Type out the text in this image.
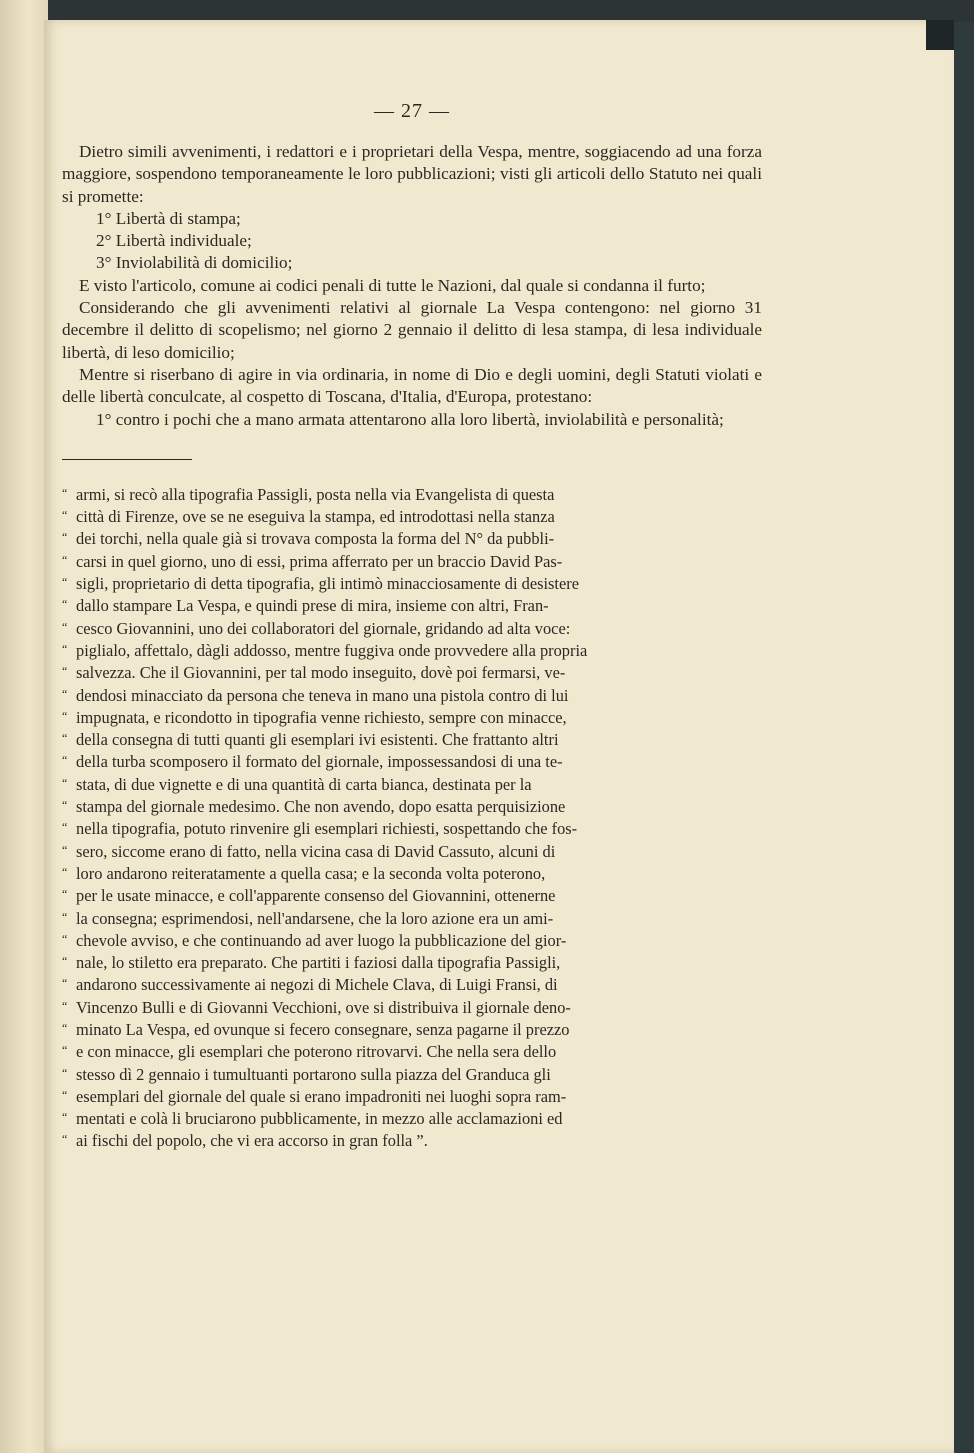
— 27 —

Dietro simili avvenimenti, i redattori e i proprietari della Vespa, mentre, soggiacendo ad una forza maggiore, sospendono temporaneamente le loro pubblicazioni; visti gli articoli dello Statuto nei quali si promette:

1° Libertà di stampa;

2° Libertà individuale;

3° Inviolabilità di domicilio;

E visto l'articolo, comune ai codici penali di tutte le Nazioni, dal quale si condanna il furto;

Considerando che gli avvenimenti relativi al giornale La Vespa contengono: nel giorno 31 decembre il delitto di scopelismo; nel giorno 2 gennaio il delitto di lesa stampa, di lesa individuale libertà, di leso domicilio;

Mentre si riserbano di agire in via ordinaria, in nome di Dio e degli uomini, degli Statuti violati e delle libertà conculcate, al cospetto di Toscana, d'Italia, d'Europa, protestano:

1° contro i pochi che a mano armata attentarono alla loro libertà, inviolabilità e personalità;

“ armi, si recò alla tipografia Passigli, posta nella via Evangelista di questa

“ città di Firenze, ove se ne eseguiva la stampa, ed introdottasi nella stanza

“ dei torchi, nella quale già si trovava composta la forma del N° da pubbli-

“ carsi in quel giorno, uno di essi, prima afferrato per un braccio David Pas-

“ sigli, proprietario di detta tipografia, gli intimò minacciosamente di desistere

“ dallo stampare La Vespa, e quindi prese di mira, insieme con altri, Fran-

“ cesco Giovannini, uno dei collaboratori del giornale, gridando ad alta voce:

“ piglialo, affettalo, dàgli addosso, mentre fuggiva onde provvedere alla propria

“ salvezza. Che il Giovannini, per tal modo inseguito, dovè poi fermarsi, ve-

“ dendosi minacciato da persona che teneva in mano una pistola contro di lui

“ impugnata, e ricondotto in tipografia venne richiesto, sempre con minacce,

“ della consegna di tutti quanti gli esemplari ivi esistenti. Che frattanto altri

“ della turba scomposero il formato del giornale, impossessandosi di una te-

“ stata, di due vignette e di una quantità di carta bianca, destinata per la

“ stampa del giornale medesimo. Che non avendo, dopo esatta perquisizione

“ nella tipografia, potuto rinvenire gli esemplari richiesti, sospettando che fos-

“ sero, siccome erano di fatto, nella vicina casa di David Cassuto, alcuni di

“ loro andarono reiteratamente a quella casa; e la seconda volta poterono,

“ per le usate minacce, e coll'apparente consenso del Giovannini, ottenerne

“ la consegna; esprimendosi, nell'andarsene, che la loro azione era un ami-

“ chevole avviso, e che continuando ad aver luogo la pubblicazione del gior-

“ nale, lo stiletto era preparato. Che partiti i faziosi dalla tipografia Passigli,

“ andarono successivamente ai negozi di Michele Clava, di Luigi Fransi, di

“ Vincenzo Bulli e di Giovanni Vecchioni, ove si distribuiva il giornale deno-

“ minato La Vespa, ed ovunque si fecero consegnare, senza pagarne il prezzo

“ e con minacce, gli esemplari che poterono ritrovarvi. Che nella sera dello

“ stesso dì 2 gennaio i tumultuanti portarono sulla piazza del Granduca gli

“ esemplari del giornale del quale si erano impadroniti nei luoghi sopra ram-

“ mentati e colà li bruciarono pubblicamente, in mezzo alle acclamazioni ed

“ ai fischi del popolo, che vi era accorso in gran folla ”.
